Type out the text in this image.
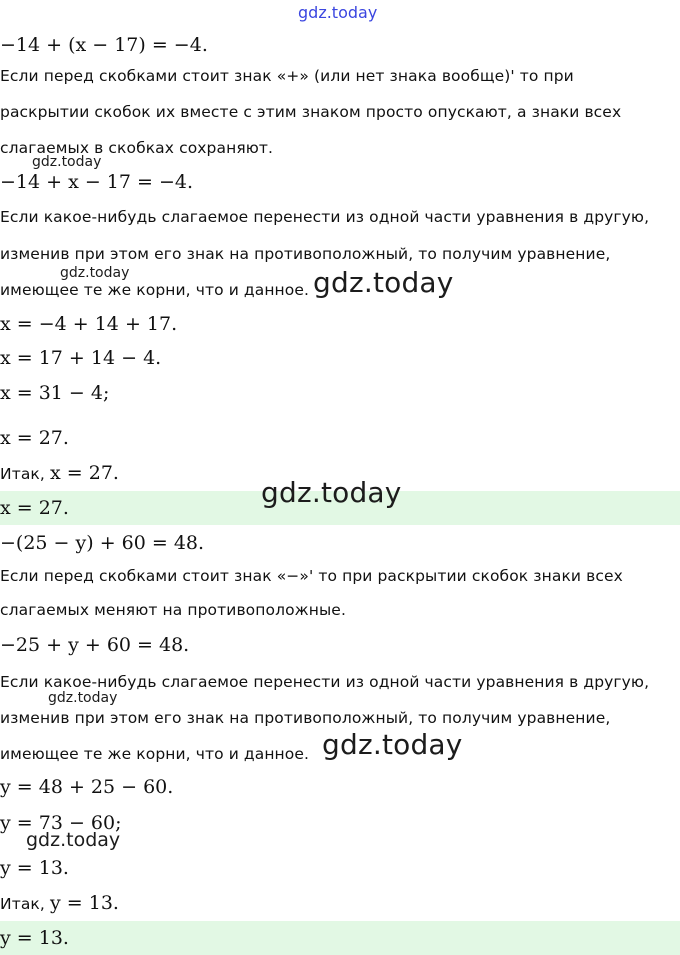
gdz.today
gdz.today
gdz.today	gdz.today
gdz.today
gdz.today
gdz.today
gdz.today
−14 + (x − 17) = −4.
Если перед скобками стоит знак «+» (или нет знака вообще)' то при
раскрытии скобок их вместе с этим знаком просто опускают, а знаки всех
слагаемых в скобках сохраняют.
−14 + x − 17 = −4.
Если какое-нибудь слагаемое перенести из одной части уравнения в другую,
изменив при этом его знак на противоположный, то получим уравнение,
имеющее те же корни, что и данное.
x = −4 + 14 + 17.
x = 17 + 14 − 4.
x = 31 − 4;
x = 27.
Итак, x = 27.
x = 27.
−(25 − y) + 60 = 48.
Если перед скобками стоит знак «−»' то при раскрытии скобок знаки всех
слагаемых меняют на противоположные.
−25 + y + 60 = 48.
Если какое-нибудь слагаемое перенести из одной части уравнения в другую,
изменив при этом его знак на противоположный, то получим уравнение,
имеющее те же корни, что и данное.
y = 48 + 25 − 60.
y = 73 − 60;
y = 13.
Итак, y = 13.
y = 13.
